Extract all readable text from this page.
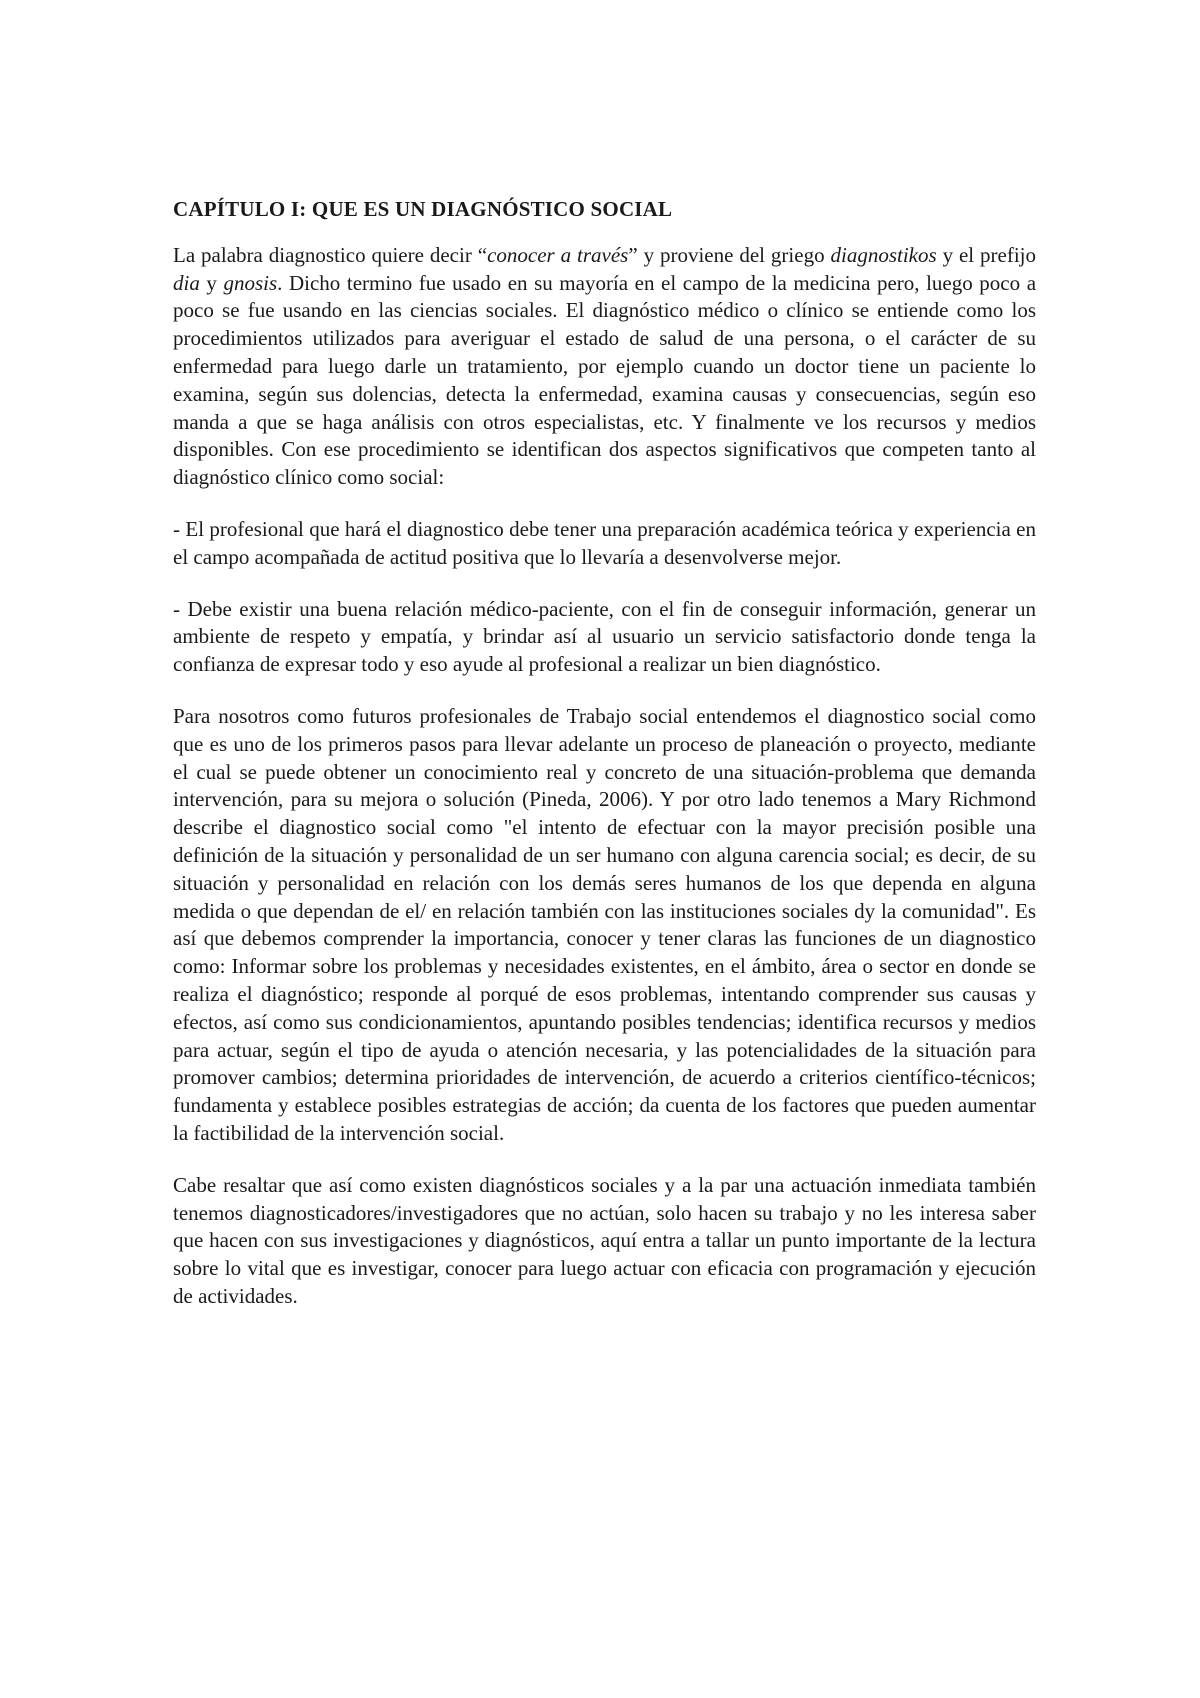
CAPÍTULO I: QUE ES UN DIAGNÓSTICO SOCIAL

La palabra diagnostico quiere decir “conocer a través” y proviene del griego diagnostikos y el prefijo dia y gnosis. Dicho termino fue usado en su mayoría en el campo de la medicina pero, luego poco a poco se fue usando en las ciencias sociales. El diagnóstico médico o clínico se entiende como los procedimientos utilizados para averiguar el estado de salud de una persona, o el carácter de su enfermedad para luego darle un tratamiento, por ejemplo cuando un doctor tiene un paciente lo examina, según sus dolencias, detecta la enfermedad, examina causas y consecuencias, según eso manda a que se haga análisis con otros especialistas, etc. Y finalmente ve los recursos y medios disponibles. Con ese procedimiento se identifican dos aspectos significativos que competen tanto al diagnóstico clínico como social:

- El profesional que hará el diagnostico debe tener una preparación académica teórica y experiencia en el campo acompañada de actitud positiva que lo llevaría a desenvolverse mejor.

- Debe existir una buena relación médico-paciente, con el fin de conseguir información, generar un ambiente de respeto y empatía, y brindar así al usuario un servicio satisfactorio donde tenga la confianza de expresar todo y eso ayude al profesional a realizar un bien diagnóstico.

Para nosotros como futuros profesionales de Trabajo social entendemos el diagnostico social como que es uno de los primeros pasos para llevar adelante un proceso de planeación o proyecto, mediante el cual se puede obtener un conocimiento real y concreto de una situación-problema que demanda intervención, para su mejora o solución (Pineda, 2006). Y por otro lado tenemos a Mary Richmond describe el diagnostico social como "el intento de efectuar con la mayor precisión posible una definición de la situación y personalidad de un ser humano con alguna carencia social; es decir, de su situación y personalidad en relación con los demás seres humanos de los que dependa en alguna medida o que dependan de el/ en relación también con las instituciones sociales dy la comunidad". Es así que debemos comprender la importancia, conocer y tener claras las funciones de un diagnostico como: Informar sobre los problemas y necesidades existentes, en el ámbito, área o sector en donde se realiza el diagnóstico; responde al porqué de esos problemas, intentando comprender sus causas y efectos, así como sus condicionamientos, apuntando posibles tendencias; identifica recursos y medios para actuar, según el tipo de ayuda o atención necesaria, y las potencialidades de la situación para promover cambios; determina prioridades de intervención, de acuerdo a criterios científico-técnicos; fundamenta y establece posibles estrategias de acción; da cuenta de los factores que pueden aumentar la factibilidad de la intervención social.

Cabe resaltar que así como existen diagnósticos sociales y a la par una actuación inmediata también tenemos diagnosticadores/investigadores que no actúan, solo hacen su trabajo y no les interesa saber que hacen con sus investigaciones y diagnósticos, aquí entra a tallar un punto importante de la lectura sobre lo vital que es investigar, conocer para luego actuar con eficacia con programación y ejecución de actividades.
